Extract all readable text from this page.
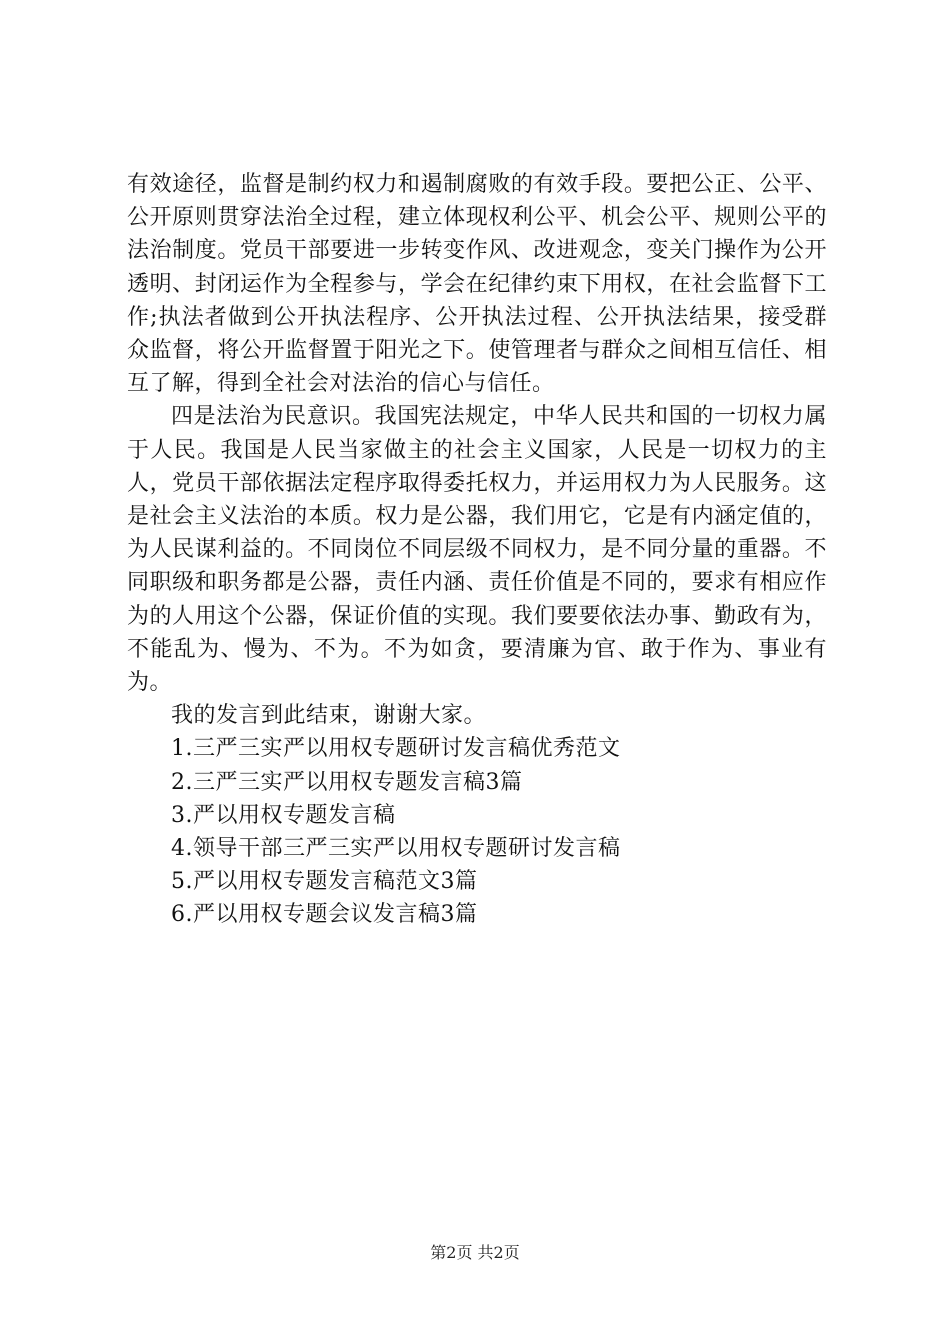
有效途径，监督是制约权力和遏制腐败的有效手段。要把公正、公平、公开原则贯穿法治全过程，建立体现权利公平、机会公平、规则公平的法治制度。党员干部要进一步转变作风、改进观念，变关门操作为公开透明、封闭运作为全程参与，学会在纪律约束下用权，在社会监督下工作;执法者做到公开执法程序、公开执法过程、公开执法结果，接受群众监督，将公开监督置于阳光之下。使管理者与群众之间相互信任、相互了解，得到全社会对法治的信心与信任。

四是法治为民意识。我国宪法规定，中华人民共和国的一切权力属于人民。我国是人民当家做主的社会主义国家，人民是一切权力的主人，党员干部依据法定程序取得委托权力，并运用权力为人民服务。这是社会主义法治的本质。权力是公器，我们用它，它是有内涵定值的，为人民谋利益的。不同岗位不同层级不同权力，是不同分量的重器。不同职级和职务都是公器，责任内涵、责任价值是不同的，要求有相应作为的人用这个公器，保证价值的实现。我们要要依法办事、勤政有为，不能乱为、慢为、不为。不为如贪，要清廉为官、敢于作为、事业有为。

我的发言到此结束，谢谢大家。

1.三严三实严以用权专题研讨发言稿优秀范文
2.三严三实严以用权专题发言稿3篇
3.严以用权专题发言稿
4.领导干部三严三实严以用权专题研讨发言稿
5.严以用权专题发言稿范文3篇
6.严以用权专题会议发言稿3篇
第2页 共2页
